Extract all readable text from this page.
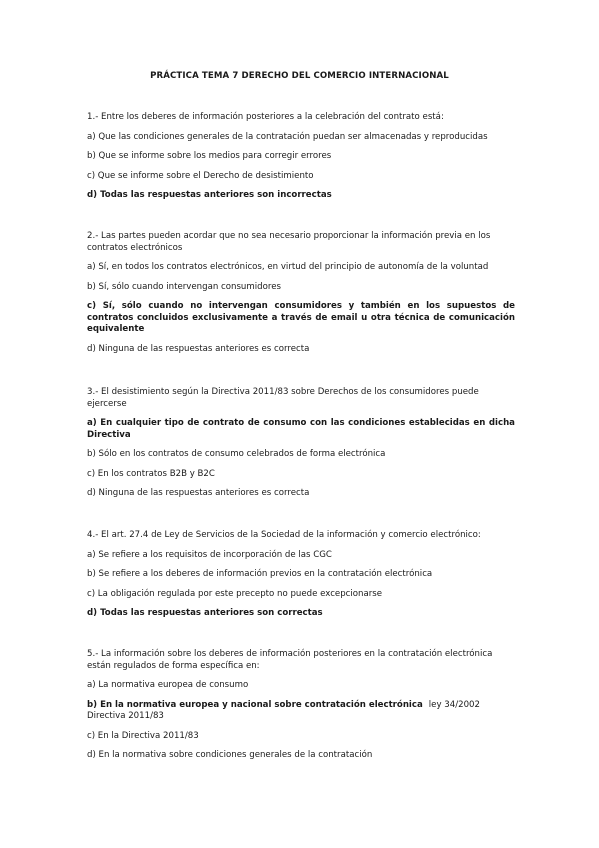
PRÁCTICA TEMA 7 DERECHO DEL COMERCIO INTERNACIONAL

1.- Entre los deberes de información posteriores a la celebración del contrato está:

a) Que las condiciones generales de la contratación puedan ser almacenadas y reproducidas

b) Que se informe sobre los medios para corregir errores

c) Que se informe sobre el Derecho de desistimiento

d) Todas las respuestas anteriores son incorrectas

2.- Las partes pueden acordar que no sea necesario proporcionar la información previa en los contratos electrónicos

a) Sí, en todos los contratos electrónicos, en virtud del principio de autonomía de la voluntad

b) Sí, sólo cuando intervengan consumidores

c) Sí, sólo cuando no intervengan consumidores y también en los supuestos de contratos concluidos exclusivamente a través de email u otra técnica de comunicación equivalente

d) Ninguna de las respuestas anteriores es correcta

3.- El desistimiento según la Directiva 2011/83 sobre Derechos de los consumidores puede ejercerse

a) En cualquier tipo de contrato de consumo con las condiciones establecidas en dicha Directiva

b) Sólo en los contratos de consumo celebrados de forma electrónica

c) En los contratos B2B y B2C

d) Ninguna de las respuestas anteriores es correcta

4.- El art. 27.4 de Ley de Servicios de la Sociedad de la información y comercio electrónico:

a) Se refiere a los requisitos de incorporación de las CGC

b) Se refiere a los deberes de información previos en la contratación electrónica

c) La obligación regulada por este precepto no puede excepcionarse

d) Todas las respuestas anteriores son correctas

5.- La información sobre los deberes de información posteriores en la contratación electrónica están regulados de forma específica en:

a) La normativa europea de consumo

b) En la normativa europea y nacional sobre contratación electrónica ley 34/2002 Directiva 2011/83

c) En la Directiva 2011/83

d) En la normativa sobre condiciones generales de la contratación
